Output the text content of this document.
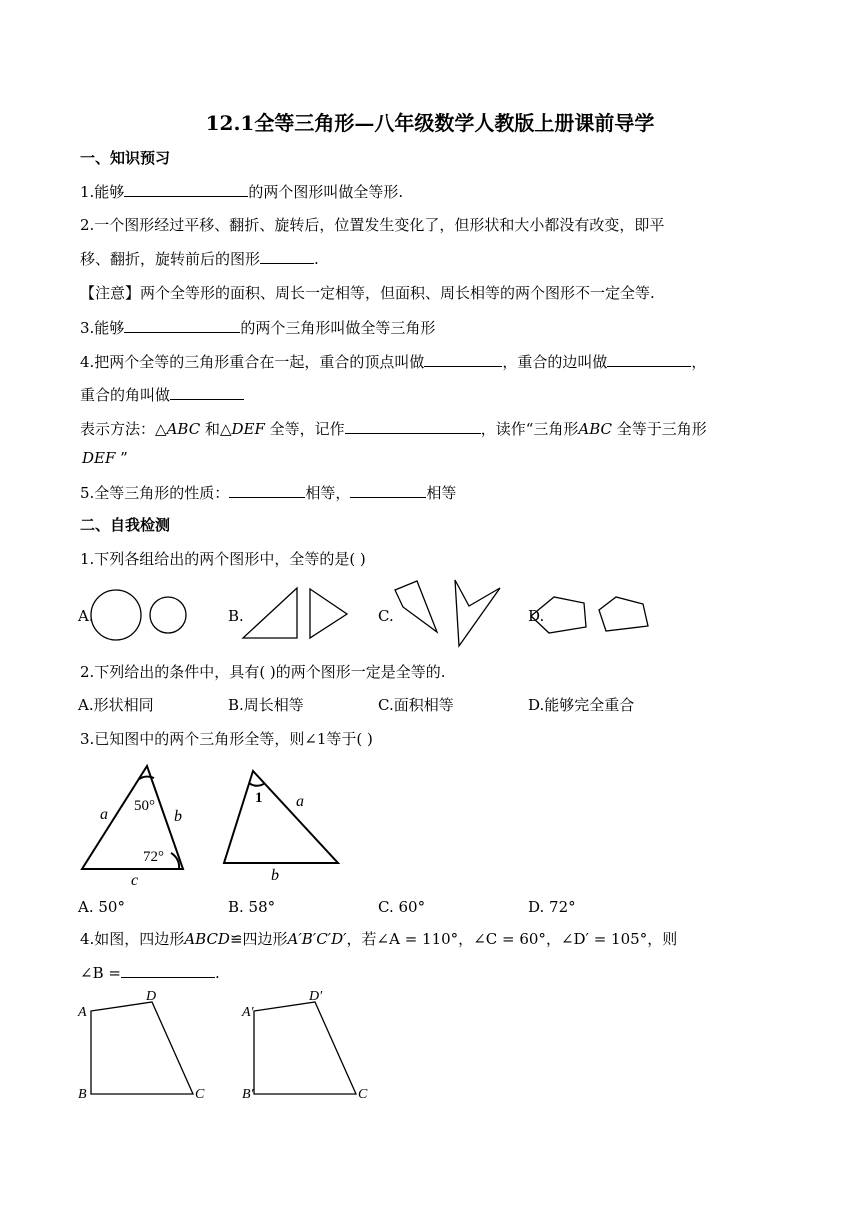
12.1全等三角形—八年级数学人教版上册课前导学
一、知识预习
1.能够	的两个图形叫做全等形.
2.一个图形经过平移、翻折、旋转后，位置发生变化了，但形状和大小都没有改变，即平
移、翻折，旋转前后的图形	.
【注意】两个全等形的面积、周长一定相等，但面积、周长相等的两个图形不一定全等.
3.能够	的两个三角形叫做全等三角形
4.把两个全等的三角形重合在一起，重合的顶点叫做	，重合的边叫做	，
重合的角叫做
表示方法：△ABC 和△DEF 全等，记作	，读作“三角形ABC 全等于三角形
DEF ”
5.全等三角形的性质：	相等，	相等
二、自我检测
1.下列各组给出的两个图形中，全等的是( )
A.	B.	C.	D.
2.下列给出的条件中，具有( )的两个图形一定是全等的.
A.形状相同	B.周长相等	C.面积相等	D.能够完全重合
3.已知图中的两个三角形全等，则∠1等于( )
a	b
c
a
b
50°
72°
1
A. 50°	B. 58°	C. 60°	D. 72°
4.如图，四边形ABCD≌四边形A′B′C′D′，若∠A = 110°，∠C = 60°，∠D′ = 105°，则
∠B =	.
A
D
B	C
A′
D′
B′	C
